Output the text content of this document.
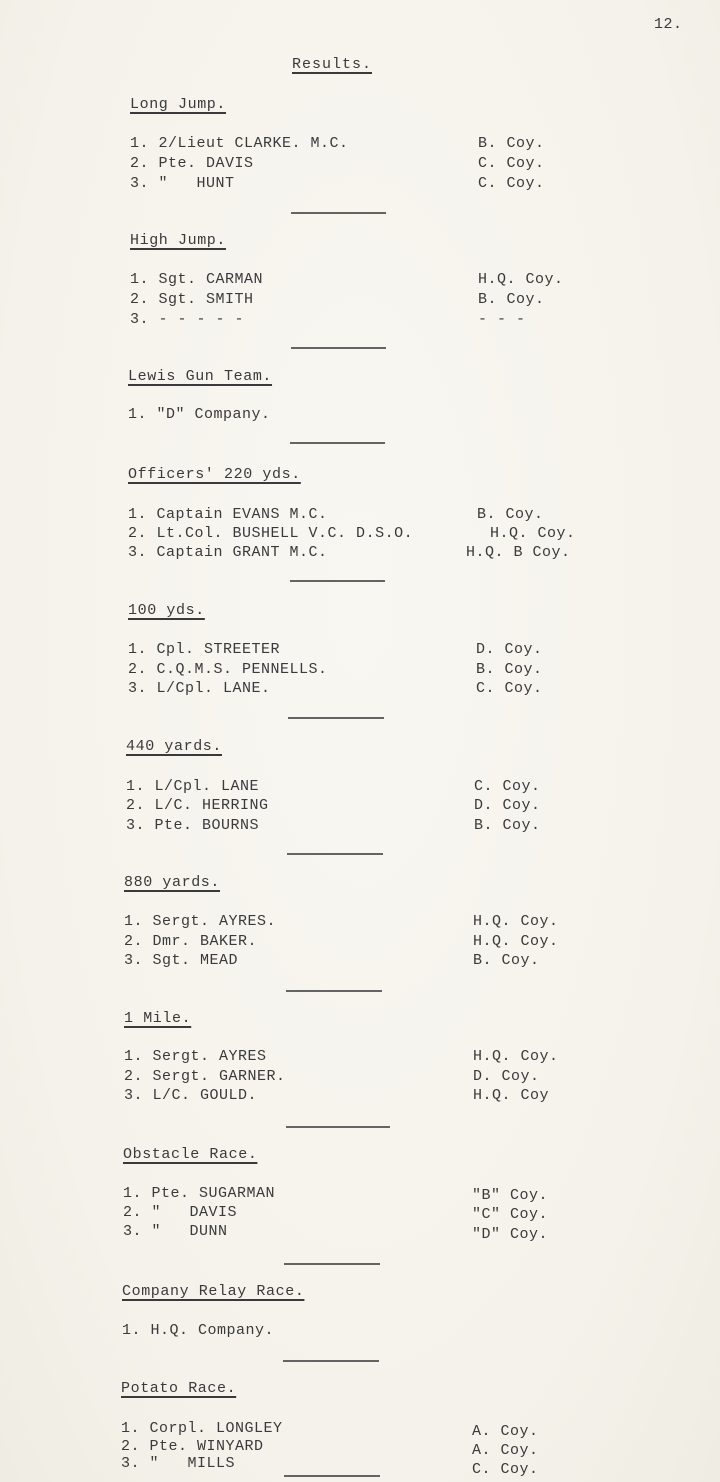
12.
Results.
Long Jump.
1. 2/Lieut CLARKE. M.C.	B. Coy.
2. Pte. DAVIS	C. Coy.
3. "   HUNT	C. Coy.
High Jump.
1. Sgt. CARMAN	H.Q. Coy.
2. Sgt. SMITH	B. Coy.
3. - - - - -	- - -
Lewis Gun Team.
1. "D" Company.
Officers' 220 yds.
1. Captain EVANS M.C.	B. Coy.
2. Lt.Col. BUSHELL V.C. D.S.O.	H.Q. Coy.
3. Captain GRANT M.C.	H.Q. B Coy.
100 yds.
1. Cpl. STREETER	D. Coy.
2. C.Q.M.S. PENNELLS.	B. Coy.
3. L/Cpl. LANE.	C. Coy.
440 yards.
1. L/Cpl. LANE	C. Coy.
2. L/C. HERRING	D. Coy.
3. Pte. BOURNS	B. Coy.
880 yards.
1. Sergt. AYRES.	H.Q. Coy.
2. Dmr. BAKER.	H.Q. Coy.
3. Sgt. MEAD	B. Coy.
1 Mile.
1. Sergt. AYRES	H.Q. Coy.
2. Sergt. GARNER.	D. Coy.
3. L/C. GOULD.	H.Q. Coy
Obstacle Race.
1. Pte. SUGARMAN	"B" Coy.
2. "   DAVIS	"C" Coy.
3. "   DUNN	"D" Coy.
Company Relay Race.
1. H.Q. Company.
Potato Race.
1. Corpl. LONGLEY	A. Coy.
2. Pte. WINYARD	A. Coy.
3. "   MILLS	C. Coy.
